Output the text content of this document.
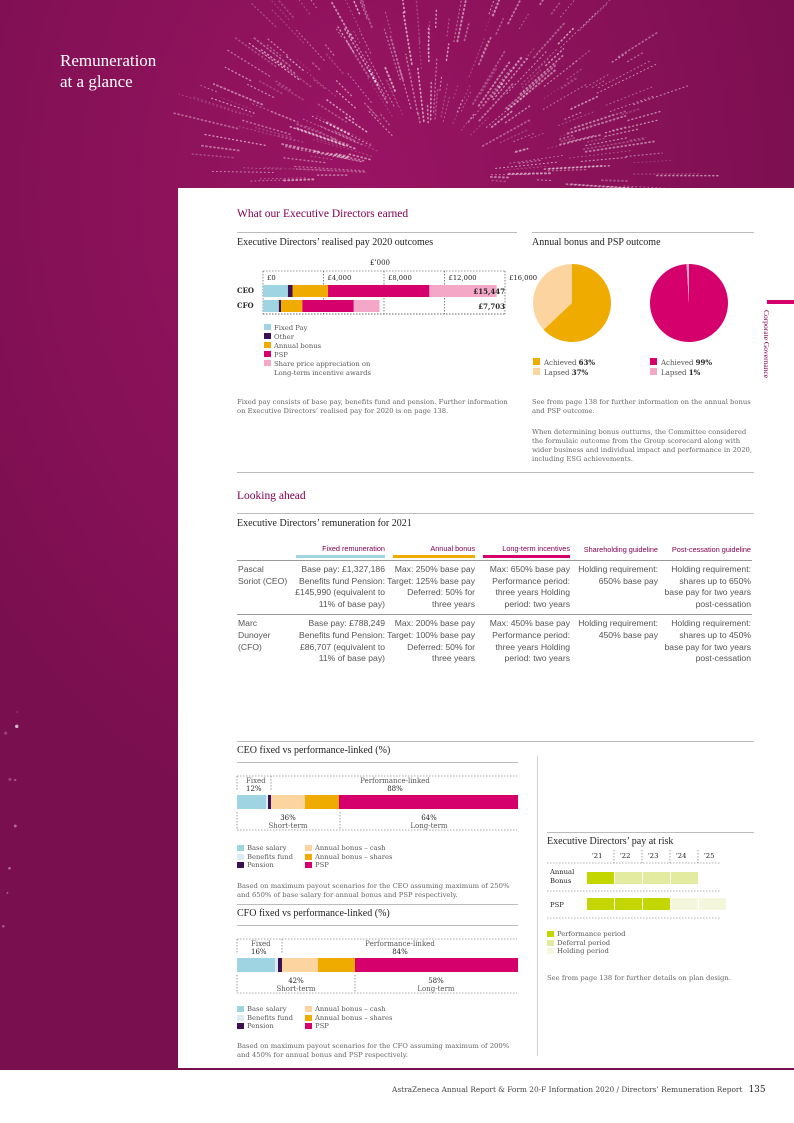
Remuneration
at a glance
Corporate Governance
What our Executive Directors earned
Executive Directors’ realised pay 2020 outcomes	Annual bonus and PSP outcome
£’000
£0	£4,000	£8,000	£12,000	£16,000
CEO
CFO
£15,447
£7,703
Fixed Pay
Other
Annual bonus
PSP
Share price appreciation on
Long-term incentive awards
Fixed pay consists of base pay, benefits fund and pension. Further information on Executive Directors’ realised pay for 2020 is on page 138.
Achieved 63%
Lapsed 37%
Achieved 99%
Lapsed 1%
See from page 138 for further information on the annual bonus and PSP outcome.
When determining bonus outturns, the Committee considered the formulaic outcome from the Group scorecard along with wider business and individual impact and performance in 2020, including ESG achievements.
Looking ahead
Executive Directors’ remuneration for 2021
	Fixed remuneration	Annual bonus	Long-term incentives	Shareholding guideline	Post-cessation guideline
Pascal Soriot (CEO)	Base pay: £1,327,186 Benefits fund Pension: £145,990 (equivalent to 11% of base pay)	Max: 250% base pay Target: 125% base pay Deferred: 50% for three years	Max: 650% base pay Performance period: three years Holding period: two years	Holding requirement: 650% base pay	Holding requirement: shares up to 650% base pay for two years post-cessation
Marc Dunoyer (CFO)	Base pay: £788,249 Benefits fund Pension: £86,707 (equivalent to 11% of base pay)	Max: 200% base pay Target: 100% base pay Deferred: 50% for three years	Max: 450% base pay Performance period: three years Holding period: two years	Holding requirement: 450% base pay	Holding requirement: shares up to 450% base pay for two years post-cessation
CEO fixed vs performance-linked (%)
Fixed
12%
Performance-linked
88%
36%
Short-term
64%
Long-term
Base salary
Benefits fund
Pension
Annual bonus – cash
Annual bonus – shares
PSP
Based on maximum payout scenarios for the CEO assuming maximum of 250% and 650% of base salary for annual bonus and PSP respectively.
CFO fixed vs performance-linked (%)
Fixed
16%
Performance-linked
84%
42%
Short-term
58%
Long-term
Base salary
Benefits fund
Pension
Annual bonus – cash
Annual bonus – shares
PSP
Based on maximum payout scenarios for the CFO assuming maximum of 200% and 450% for annual bonus and PSP respectively.
Executive Directors’ pay at risk
’21	’22	’23	’24	’25
Annual
Bonus
PSP
Performance period
Deferral period
Holding period
See from page 138 for further details on plan design.
AstraZeneca Annual Report & Form 20-F Information 2020 / Directors’ Remuneration Report 135
